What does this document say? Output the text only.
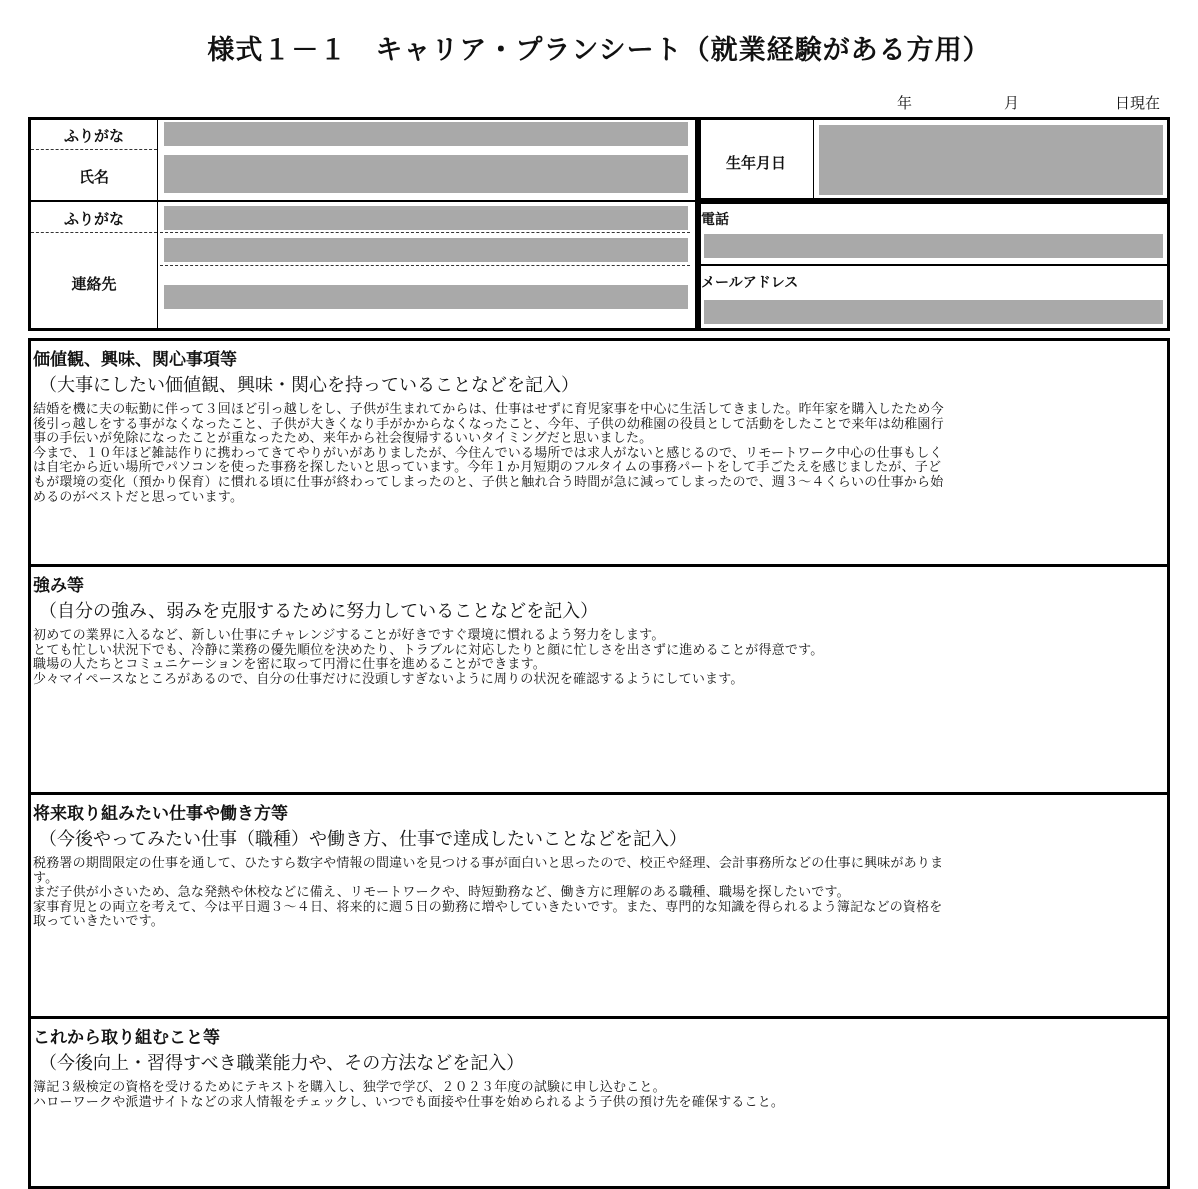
様式１－１　キャリア・プランシート（就業経験がある方用）
年	月	日現在
ふりがな
氏名
ふりがな
連絡先
生年月日
電話
メールアドレス
価値観、興味、関心事項等
（大事にしたい価値観、興味・関心を持っていることなどを記入）
結婚を機に夫の転勤に伴って３回ほど引っ越しをし、子供が生まれてからは、仕事はせずに育児家事を中心に生活してきました。昨年家を購入したため今
後引っ越しをする事がなくなったこと、子供が大きくなり手がかからなくなったこと、今年、子供の幼稚園の役員として活動をしたことで来年は幼稚園行
事の手伝いが免除になったことが重なったため、来年から社会復帰するいいタイミングだと思いました。
今まで、１０年ほど雑誌作りに携わってきてやりがいがありましたが、今住んでいる場所では求人がないと感じるので、リモートワーク中心の仕事もしく
は自宅から近い場所でパソコンを使った事務を探したいと思っています。今年１か月短期のフルタイムの事務パートをして手ごたえを感じましたが、子ど
もが環境の変化（預かり保育）に慣れる頃に仕事が終わってしまったのと、子供と触れ合う時間が急に減ってしまったので、週３～４くらいの仕事から始
めるのがベストだと思っています。
強み等
（自分の強み、弱みを克服するために努力していることなどを記入）
初めての業界に入るなど、新しい仕事にチャレンジすることが好きですぐ環境に慣れるよう努力をします。
とても忙しい状況下でも、冷静に業務の優先順位を決めたり、トラブルに対応したりと顔に忙しさを出さずに進めることが得意です。
職場の人たちとコミュニケーションを密に取って円滑に仕事を進めることができます。
少々マイペースなところがあるので、自分の仕事だけに没頭しすぎないように周りの状況を確認するようにしています。
将来取り組みたい仕事や働き方等
（今後やってみたい仕事（職種）や働き方、仕事で達成したいことなどを記入）
税務署の期間限定の仕事を通して、ひたすら数字や情報の間違いを見つける事が面白いと思ったので、校正や経理、会計事務所などの仕事に興味がありま
す。
まだ子供が小さいため、急な発熱や休校などに備え、リモートワークや、時短勤務など、働き方に理解のある職種、職場を探したいです。
家事育児との両立を考えて、今は平日週３～４日、将来的に週５日の勤務に増やしていきたいです。また、専門的な知識を得られるよう簿記などの資格を
取っていきたいです。
これから取り組むこと等
（今後向上・習得すべき職業能力や、その方法などを記入）
簿記３級検定の資格を受けるためにテキストを購入し、独学で学び、２０２３年度の試験に申し込むこと。
ハローワークや派遣サイトなどの求人情報をチェックし、いつでも面接や仕事を始められるよう子供の預け先を確保すること。
